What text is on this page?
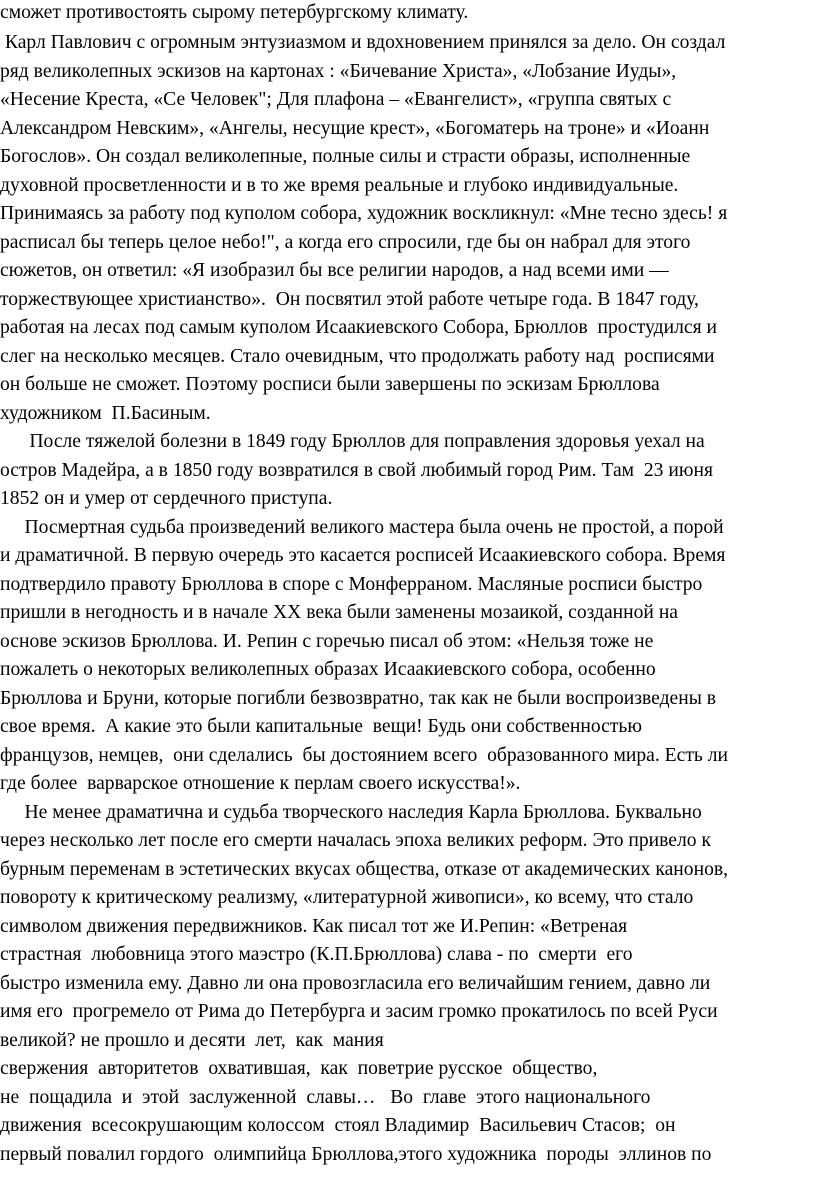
сможет противостоять сырому петербургскому климату.
Карл Павлович с огромным энтузиазмом и вдохновением принялся за дело. Он создал
ряд великолепных эскизов на картонах : «Бичевание Христа», «Лобзание Иуды»,
«Несение Креста, «Се Человек"; Для плафона – «Евангелист», «группа святых с
Александром Невским», «Ангелы, несущие крест», «Богоматерь на троне» и «Иоанн
Богослов». Он создал великолепные, полные силы и страсти образы, исполненные
духовной просветленности и в то же время реальные и глубоко индивидуальные.
Принимаясь за работу под куполом собора, художник воскликнул: «Мне тесно здесь! я
расписал бы теперь целое небо!", а когда его спросили, где бы он набрал для этого
сюжетов, он ответил: «Я изобразил бы все религии народов, а над всеми ими —
торжествующее христианство».  Он посвятил этой работе четыре года. В 1847 году,
работая на лесах под самым куполом Исаакиевского Собора, Брюллов  простудился и
слег на несколько месяцев. Стало очевидным, что продолжать работу над  росписями
он больше не сможет. Поэтому росписи были завершены по эскизам Брюллова
художником  П.Басиным.
После тяжелой болезни в 1849 году Брюллов для поправления здоровья уехал на
остров Мадейра, а в 1850 году возвратился в свой любимый город Рим. Там  23 июня
1852 он и умер от сердечного приступа.
Посмертная судьба произведений великого мастера была очень не простой, а порой
и драматичной. В первую очередь это касается росписей Исаакиевского собора. Время
подтвердило правоту Брюллова в споре с Монферраном. Масляные росписи быстро
пришли в негодность и в начале XX века были заменены мозаикой, созданной на
основе эскизов Брюллова. И. Репин с горечью писал об этом: «Нельзя тоже не
пожалеть о некоторых великолепных образах Исаакиевского собора, особенно
Брюллова и Бруни, которые погибли безвозвратно, так как не были воспроизведены в
свое время.  А какие это были капитальные  вещи! Будь они собственностью
французов, немцев,  они сделались  бы достоянием всего  образованного мира. Есть ли
где более  варварское отношение к перлам своего искусства!».
Не менее драматична и судьба творческого наследия Карла Брюллова. Буквально
через несколько лет после его смерти началась эпоха великих реформ. Это привело к
бурным переменам в эстетических вкусах общества, отказе от академических канонов,
повороту к критическому реализму, «литературной живописи», ко всему, что стало
символом движения передвижников. Как писал тот же И.Репин: «Ветреная
страстная  любовница этого маэстро (К.П.Брюллова) слава - по  смерти  его
быстро изменила ему. Давно ли она провозгласила его величайшим гением, давно ли
имя его  прогремело от Рима до Петербурга и засим громко прокатилось по всей Руси
великой? не прошло и десяти  лет,  как  мания
свержения  авторитетов  охватившая,  как  поветрие русское  общество,
не  пощадила  и  этой  заслуженной  славы…   Во  главе  этого национального
движения  всесокрушающим колоссом  стоял Владимир  Васильевич Стасов;  он
первый повалил гордого  олимпийца Брюллова,этого художника  породы  эллинов по
